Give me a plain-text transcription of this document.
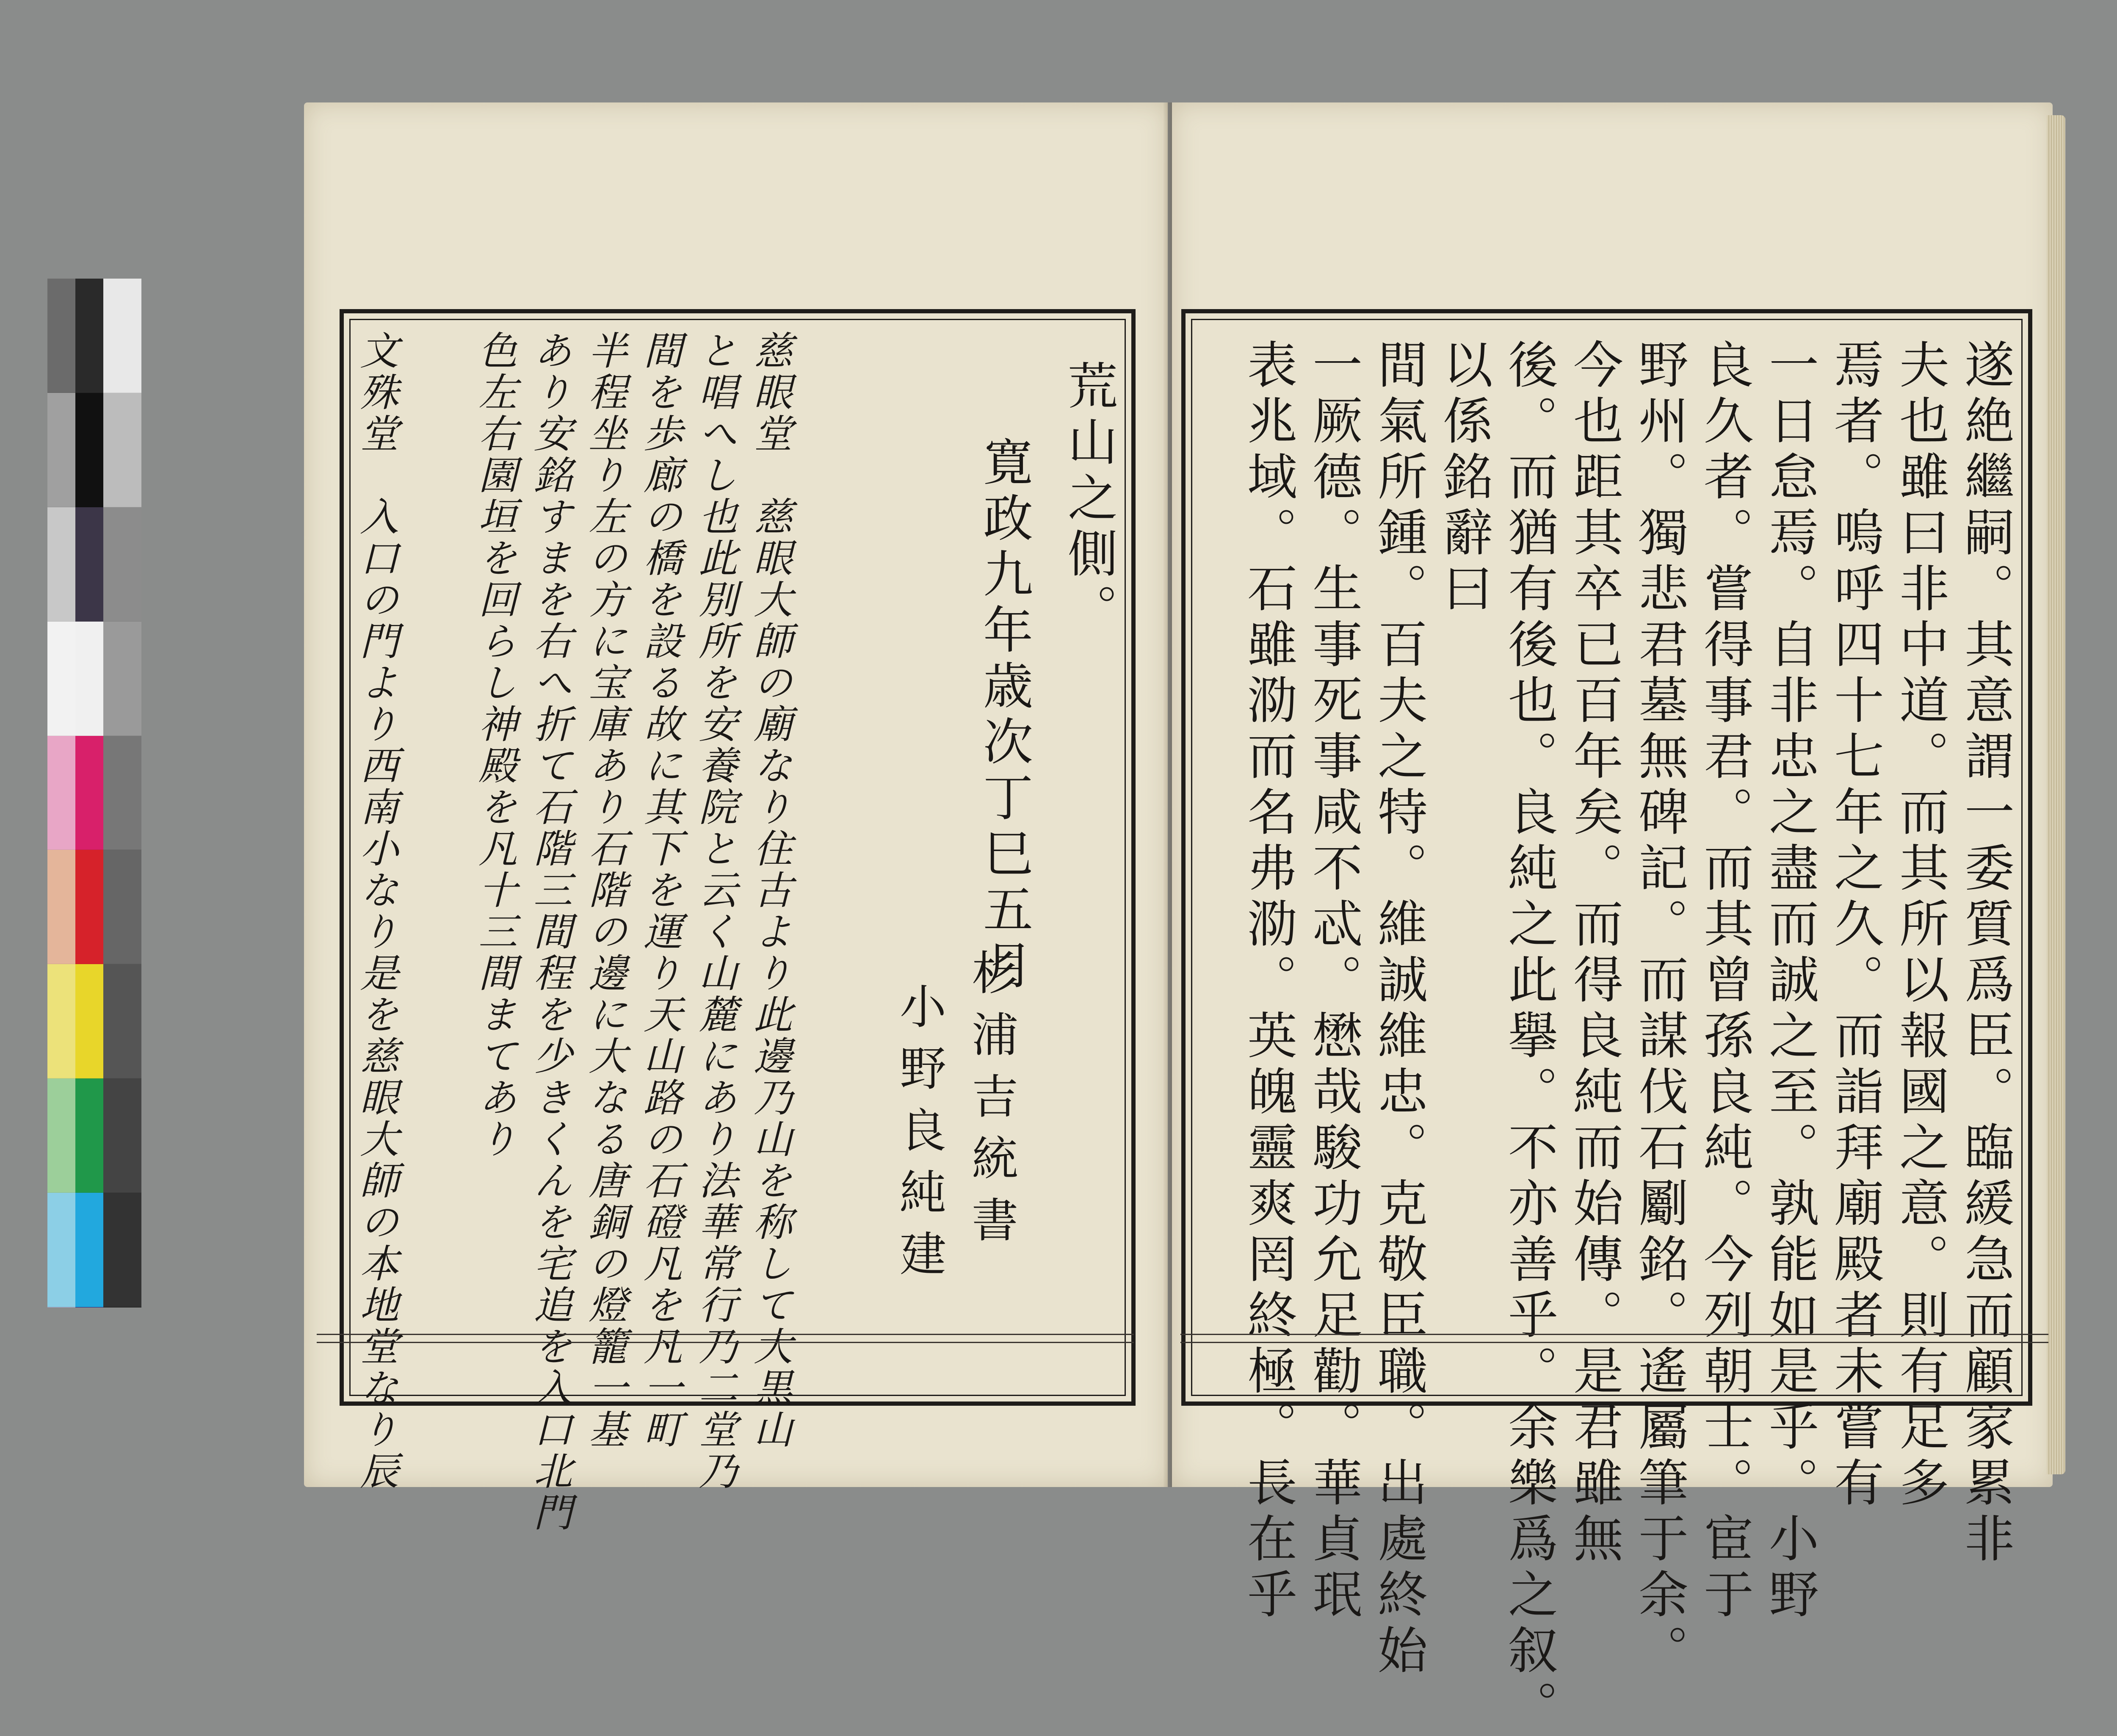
慈眼堂　慈眼大師の廟なり住古より此邊乃山を称して大黒山
と唱へし也此別所を安養院と云く山麓にあり法華常行乃二堂乃
間を歩廊の橋を設る故に其下を運り天山路の石磴凡を凡一町
半程坐り左の方に宝庫あり石階の邊に大なる唐銅の燈籠一基
あり安銘すまを右へ折て石階三間程を少きくんを宅追を入口北門
色左右園垣を回らし神殿を凡十三間まてあり
文殊堂　入口の門より西南小なり是を慈眼大師の本地堂なり辰	荒山之側。
寛政九年歳次丁巳五月
杉浦吉統書
小野良純建	遂絶繼嗣。其意謂一委質爲臣。臨緩急而顧家累非
夫也雖曰非中道。而其所以報國之意。則有足多
焉者。嗚呼四十七年之久。而詣拜廟殿者未嘗有
一日怠焉。自非忠之盡而誠之至。孰能如是乎。小野
良久者。嘗得事君。而其曾孫良純。今列朝士。宦于
野州。獨悲君墓無碑記。而謀伐石劚銘。遙屬筆于余。
今也距其卒已百年矣。而得良純而始傳。是君雖無
後。而猶有後也。良純之此擧。不亦善乎。余樂爲之叙。
以係銘辭曰
間氣所鍾。百夫之特。維誠維忠。克敬臣職。出處終始
一厥德。生事死事咸不忒。懋哉駿功允足勸。華貞珉
表兆域。石雖泐而名弗泐。英魄靈爽罔終極。長在乎
